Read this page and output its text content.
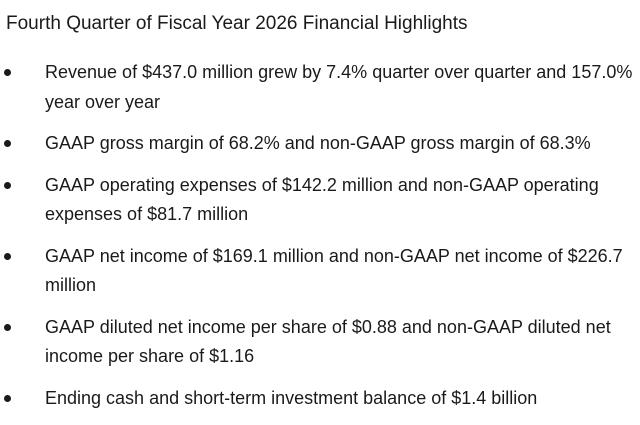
Fourth Quarter of Fiscal Year 2026 Financial Highlights
Revenue of $437.0 million grew by 7.4% quarter over quarter and 157.0% year over year
GAAP gross margin of 68.2% and non-GAAP gross margin of 68.3%
GAAP operating expenses of $142.2 million and non-GAAP operating expenses of $81.7 million
GAAP net income of $169.1 million and non-GAAP net income of $226.7 million
GAAP diluted net income per share of $0.88 and non-GAAP diluted net income per share of $1.16
Ending cash and short-term investment balance of $1.4 billion
